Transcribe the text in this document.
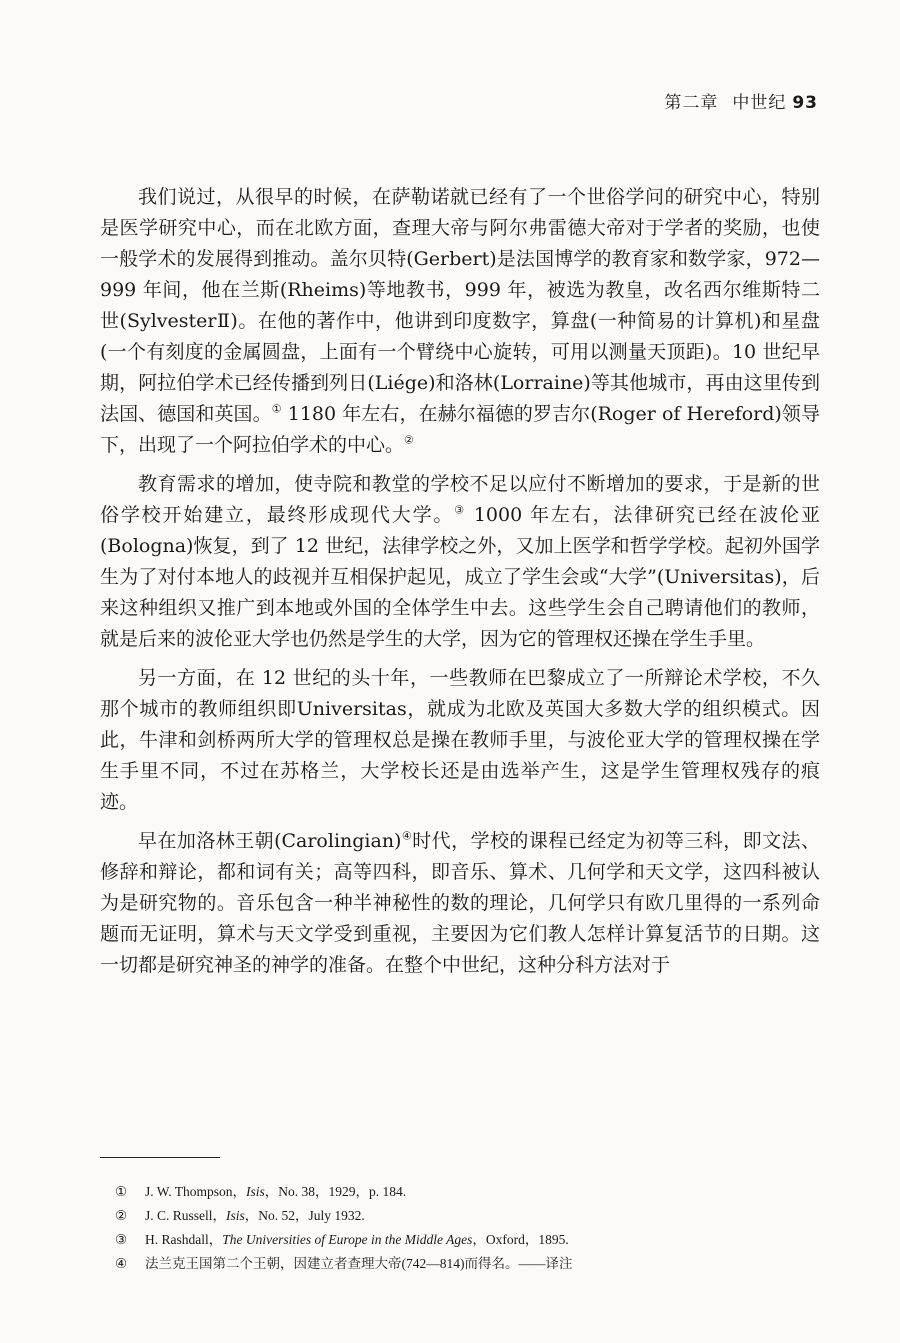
第二章 中世纪 93

我们说过，从很早的时候，在萨勒诺就已经有了一个世俗学问的研究中心，特别是医学研究中心，而在北欧方面，查理大帝与阿尔弗雷德大帝对于学者的奖励，也使一般学术的发展得到推动。盖尔贝特(Gerbert)是法国博学的教育家和数学家，972—999 年间，他在兰斯(Rheims)等地教书，999 年，被选为教皇，改名西尔维斯特二世(SylvesterⅡ)。在他的著作中，他讲到印度数字，算盘(一种简易的计算机)和星盘(一个有刻度的金属圆盘，上面有一个臂绕中心旋转，可用以测量天顶距)。10 世纪早期，阿拉伯学术已经传播到列日(Liége)和洛林(Lorraine)等其他城市，再由这里传到法国、德国和英国。① 1180 年左右，在赫尔福德的罗吉尔(Roger of Hereford)领导下，出现了一个阿拉伯学术的中心。②

教育需求的增加，使寺院和教堂的学校不足以应付不断增加的要求，于是新的世俗学校开始建立，最终形成现代大学。③ 1000 年左右，法律研究已经在波伦亚(Bologna)恢复，到了 12 世纪，法律学校之外，又加上医学和哲学学校。起初外国学生为了对付本地人的歧视并互相保护起见，成立了学生会或“大学”(Universitas)，后来这种组织又推广到本地或外国的全体学生中去。这些学生会自己聘请他们的教师，就是后来的波伦亚大学也仍然是学生的大学，因为它的管理权还操在学生手里。

另一方面，在 12 世纪的头十年，一些教师在巴黎成立了一所辩论术学校，不久那个城市的教师组织即Universitas，就成为北欧及英国大多数大学的组织模式。因此，牛津和剑桥两所大学的管理权总是操在教师手里，与波伦亚大学的管理权操在学生手里不同，不过在苏格兰，大学校长还是由选举产生，这是学生管理权残存的痕迹。

早在加洛林王朝(Carolingian)④时代，学校的课程已经定为初等三科，即文法、修辞和辩论，都和词有关；高等四科，即音乐、算术、几何学和天文学，这四科被认为是研究物的。音乐包含一种半神秘性的数的理论，几何学只有欧几里得的一系列命题而无证明，算术与天文学受到重视，主要因为它们教人怎样计算复活节的日期。这一切都是研究神圣的神学的准备。在整个中世纪，这种分科方法对于

①	J. W. Thompson，Isis，No. 38，1929，p. 184.
②	J. C. Russell，Isis，No. 52，July 1932.
③	H. Rashdall，The Universities of Europe in the Middle Ages，Oxford，1895.
④	法兰克王国第二个王朝，因建立者查理大帝(742—814)而得名。——译注
